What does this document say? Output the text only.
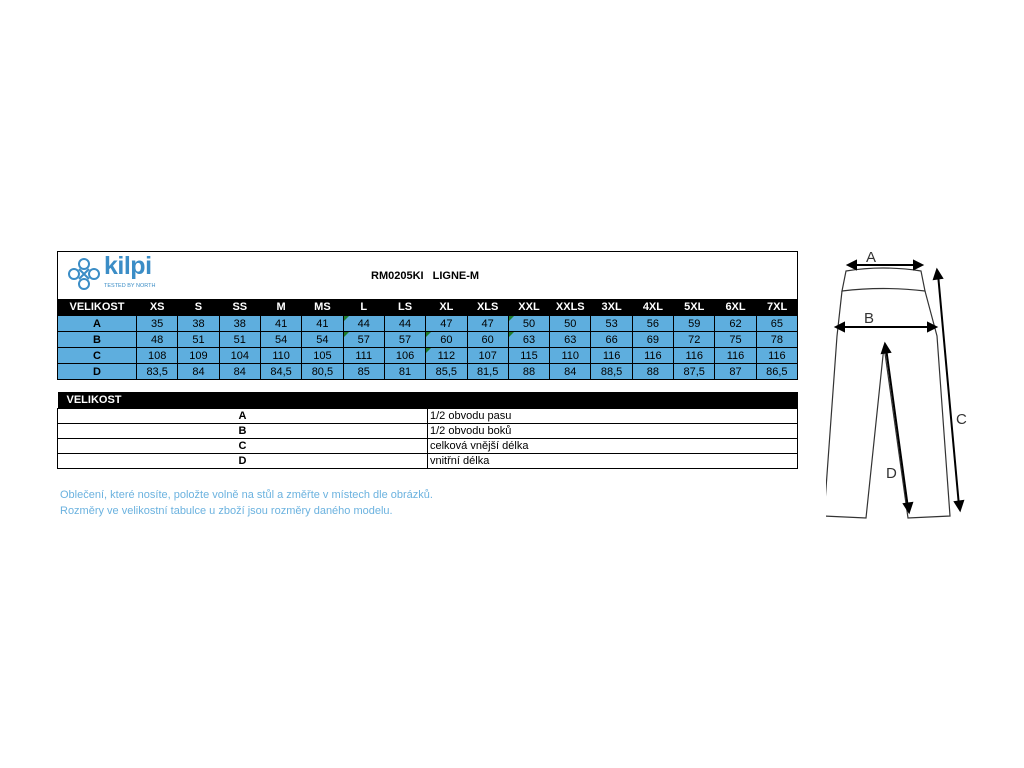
kilpi
TESTED BY NORTH
RM0205KI LIGNE-M
VELIKOST	XS	S	SS	M	MS	L	LS	XL	XLS	XXL	XXLS	3XL	4XL	5XL	6XL	7XL
A	35	38	38	41	41	44	44	47	47	50	50	53	56	59	62	65
B	48	51	51	54	54	57	57	60	60	63	63	66	69	72	75	78
C	108	109	104	110	105	111	106	112	107	115	110	116	116	116	116	116
D	83,5	84	84	84,5	80,5	85	81	85,5	81,5	88	84	88,5	88	87,5	87	86,5
VELIKOST	
A	1/2 obvodu pasu
B	1/2 obvodu boků
C	celková vnější délka
D	vnitřní délka

Oblečení, které nosíte, položte volně na stůl a změřte v místech dle obrázků.

Rozměry ve velikostní tabulce u zboží jsou rozměry daného modelu.

A
B
C
D
